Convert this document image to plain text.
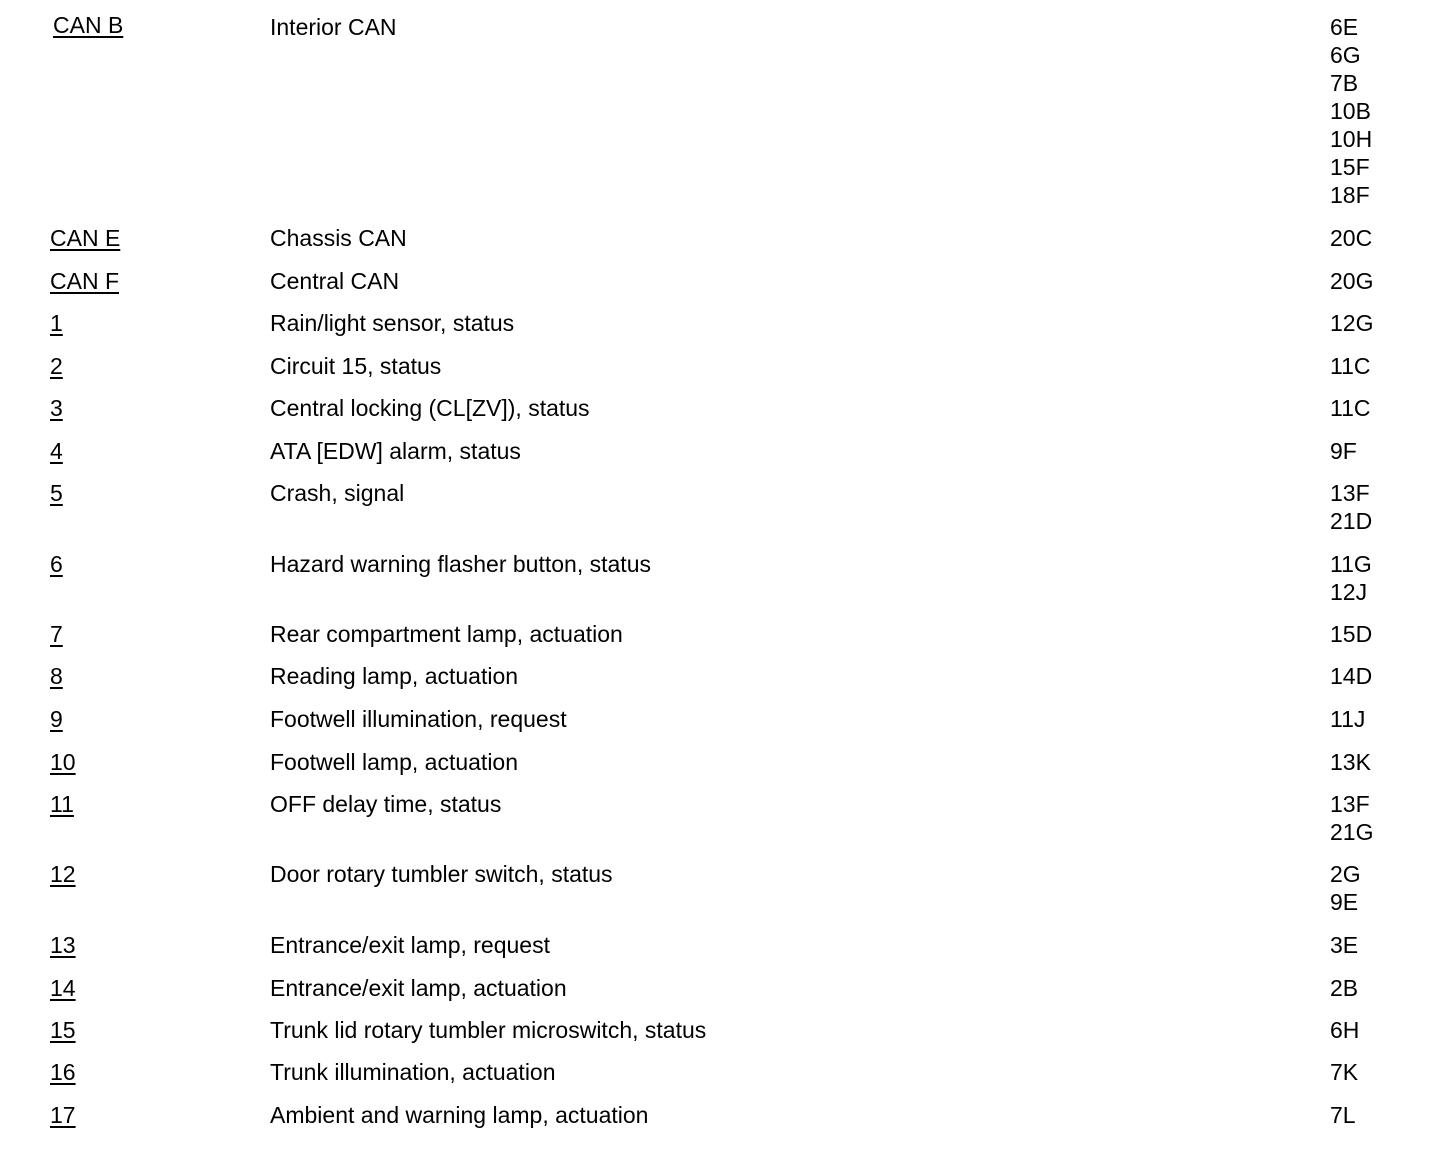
CAN B	Interior CAN	6E
6G
7B
10B
10H
15F
18F
CAN E	Chassis CAN	20C
CAN F	Central CAN	20G
1	Rain/light sensor, status	12G
2	Circuit 15, status	11C
3	Central locking (CL[ZV]), status	11C
4	ATA [EDW] alarm, status	9F
5	Crash, signal	13F
21D
6	Hazard warning flasher button, status	11G
12J
7	Rear compartment lamp, actuation	15D
8	Reading lamp, actuation	14D
9	Footwell illumination, request	11J
10	Footwell lamp, actuation	13K
11	OFF delay time, status	13F
21G
12	Door rotary tumbler switch, status	2G
9E
13	Entrance/exit lamp, request	3E
14	Entrance/exit lamp, actuation	2B
15	Trunk lid rotary tumbler microswitch, status	6H
16	Trunk illumination, actuation	7K
17	Ambient and warning lamp, actuation	7L
